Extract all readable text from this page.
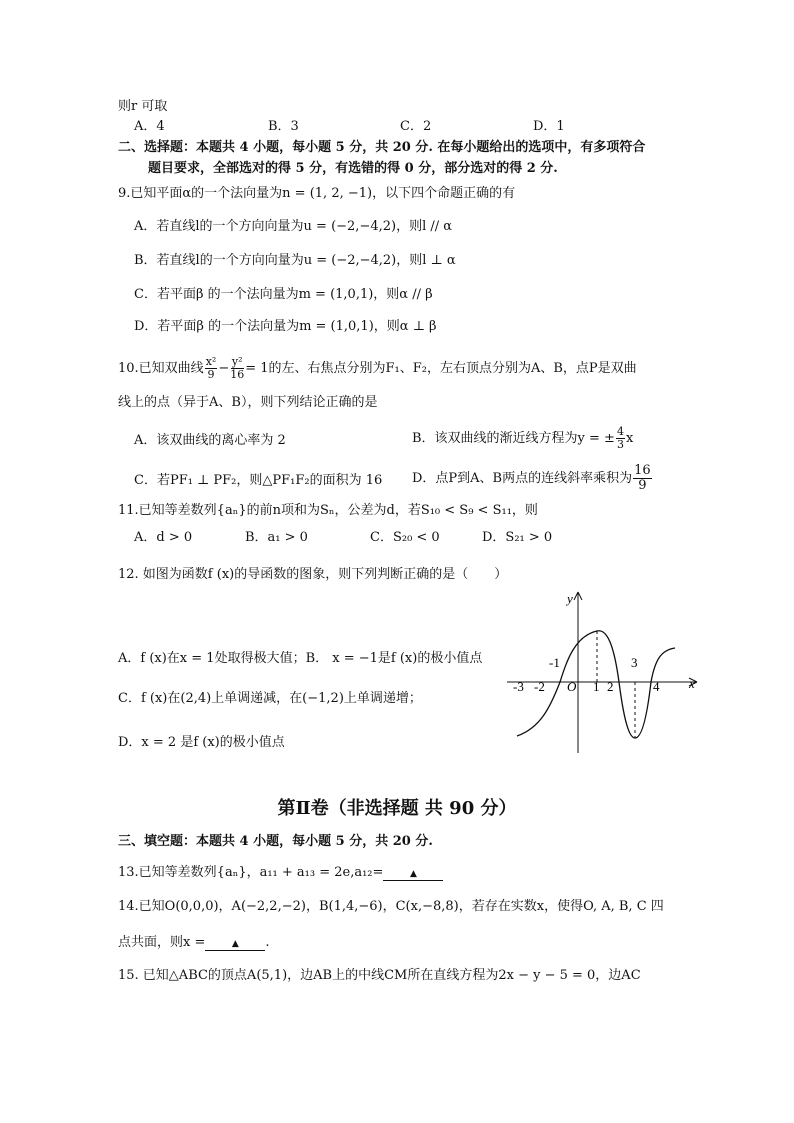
则r 可取
A．4	B．3	C．2	D．1
二、选择题：本题共 4 小题，每小题 5 分，共 20 分. 在每小题给出的选项中，有多项符合
题目要求，全部选对的得 5 分，有选错的得 0 分，部分选对的得 2 分.
9.已知平面α的一个法向量为n = (1, 2, −1)，以下四个命题正确的有
A．若直线l的一个方向向量为u = (−2,−4,2)，则l // α
B．若直线l的一个方向向量为u = (−2,−4,2)，则l ⊥ α
C．若平面β 的一个法向量为m = (1,0,1)，则α // β
D．若平面β 的一个法向量为m = (1,0,1)，则α ⊥ β
10.已知双曲线 $\frac{\text{x²}}{9} - \frac{\text{y²}}{16} = 1$的左、右焦点分别为F₁、F₂，左右顶点分别为A、B，点P是双曲
线上的点（异于A、B），则下列结论正确的是
A．该双曲线的离心率为 2	B．该双曲线的渐近线方程为y = ± $\frac{4}{3}$ x
C．若PF₁ ⊥ PF₂，则△PF₁F₂的面积为 16 D．点P到A、B两点的连线斜率乘积为 $\frac{16}{9}$
11.已知等差数列{aₙ}的前n项和为Sₙ，公差为d，若S₁₀ < S₉ < S₁₁，则
A．d > 0	B．a₁ > 0	C．S₂₀ < 0	D．S₂₁ > 0
12. 如图为函数f (x)的导函数的图象，则下列判断正确的是（　　）
A．f (x)在x = 1处取得极大值；B． x = −1是f (x)的极小值点
C．f (x)在(2,4)上单调递减，在(−1,2)上单调递增；
D．x = 2 是f (x)的极小值点
x
y
O
-3 -2
-1
1 2
3
4
第Ⅱ卷（非选择题 共 90 分）
三、填空题：本题共 4 小题，每小题 5 分，共 20 分.
13.已知等差数列{aₙ}，a₁₁ + a₁₃ = 2e,a₁₂=	▲
14.已知O(0,0,0)，A(−2,2,−2)，B(1,4,−6)，C(x,−8,8)，若存在实数x，使得O, A, B, C 四
点共面，则x =	▲ .
15. 已知△ABC的顶点A(5,1)，边AB上的中线CM所在直线方程为2x − y − 5 = 0，边AC
